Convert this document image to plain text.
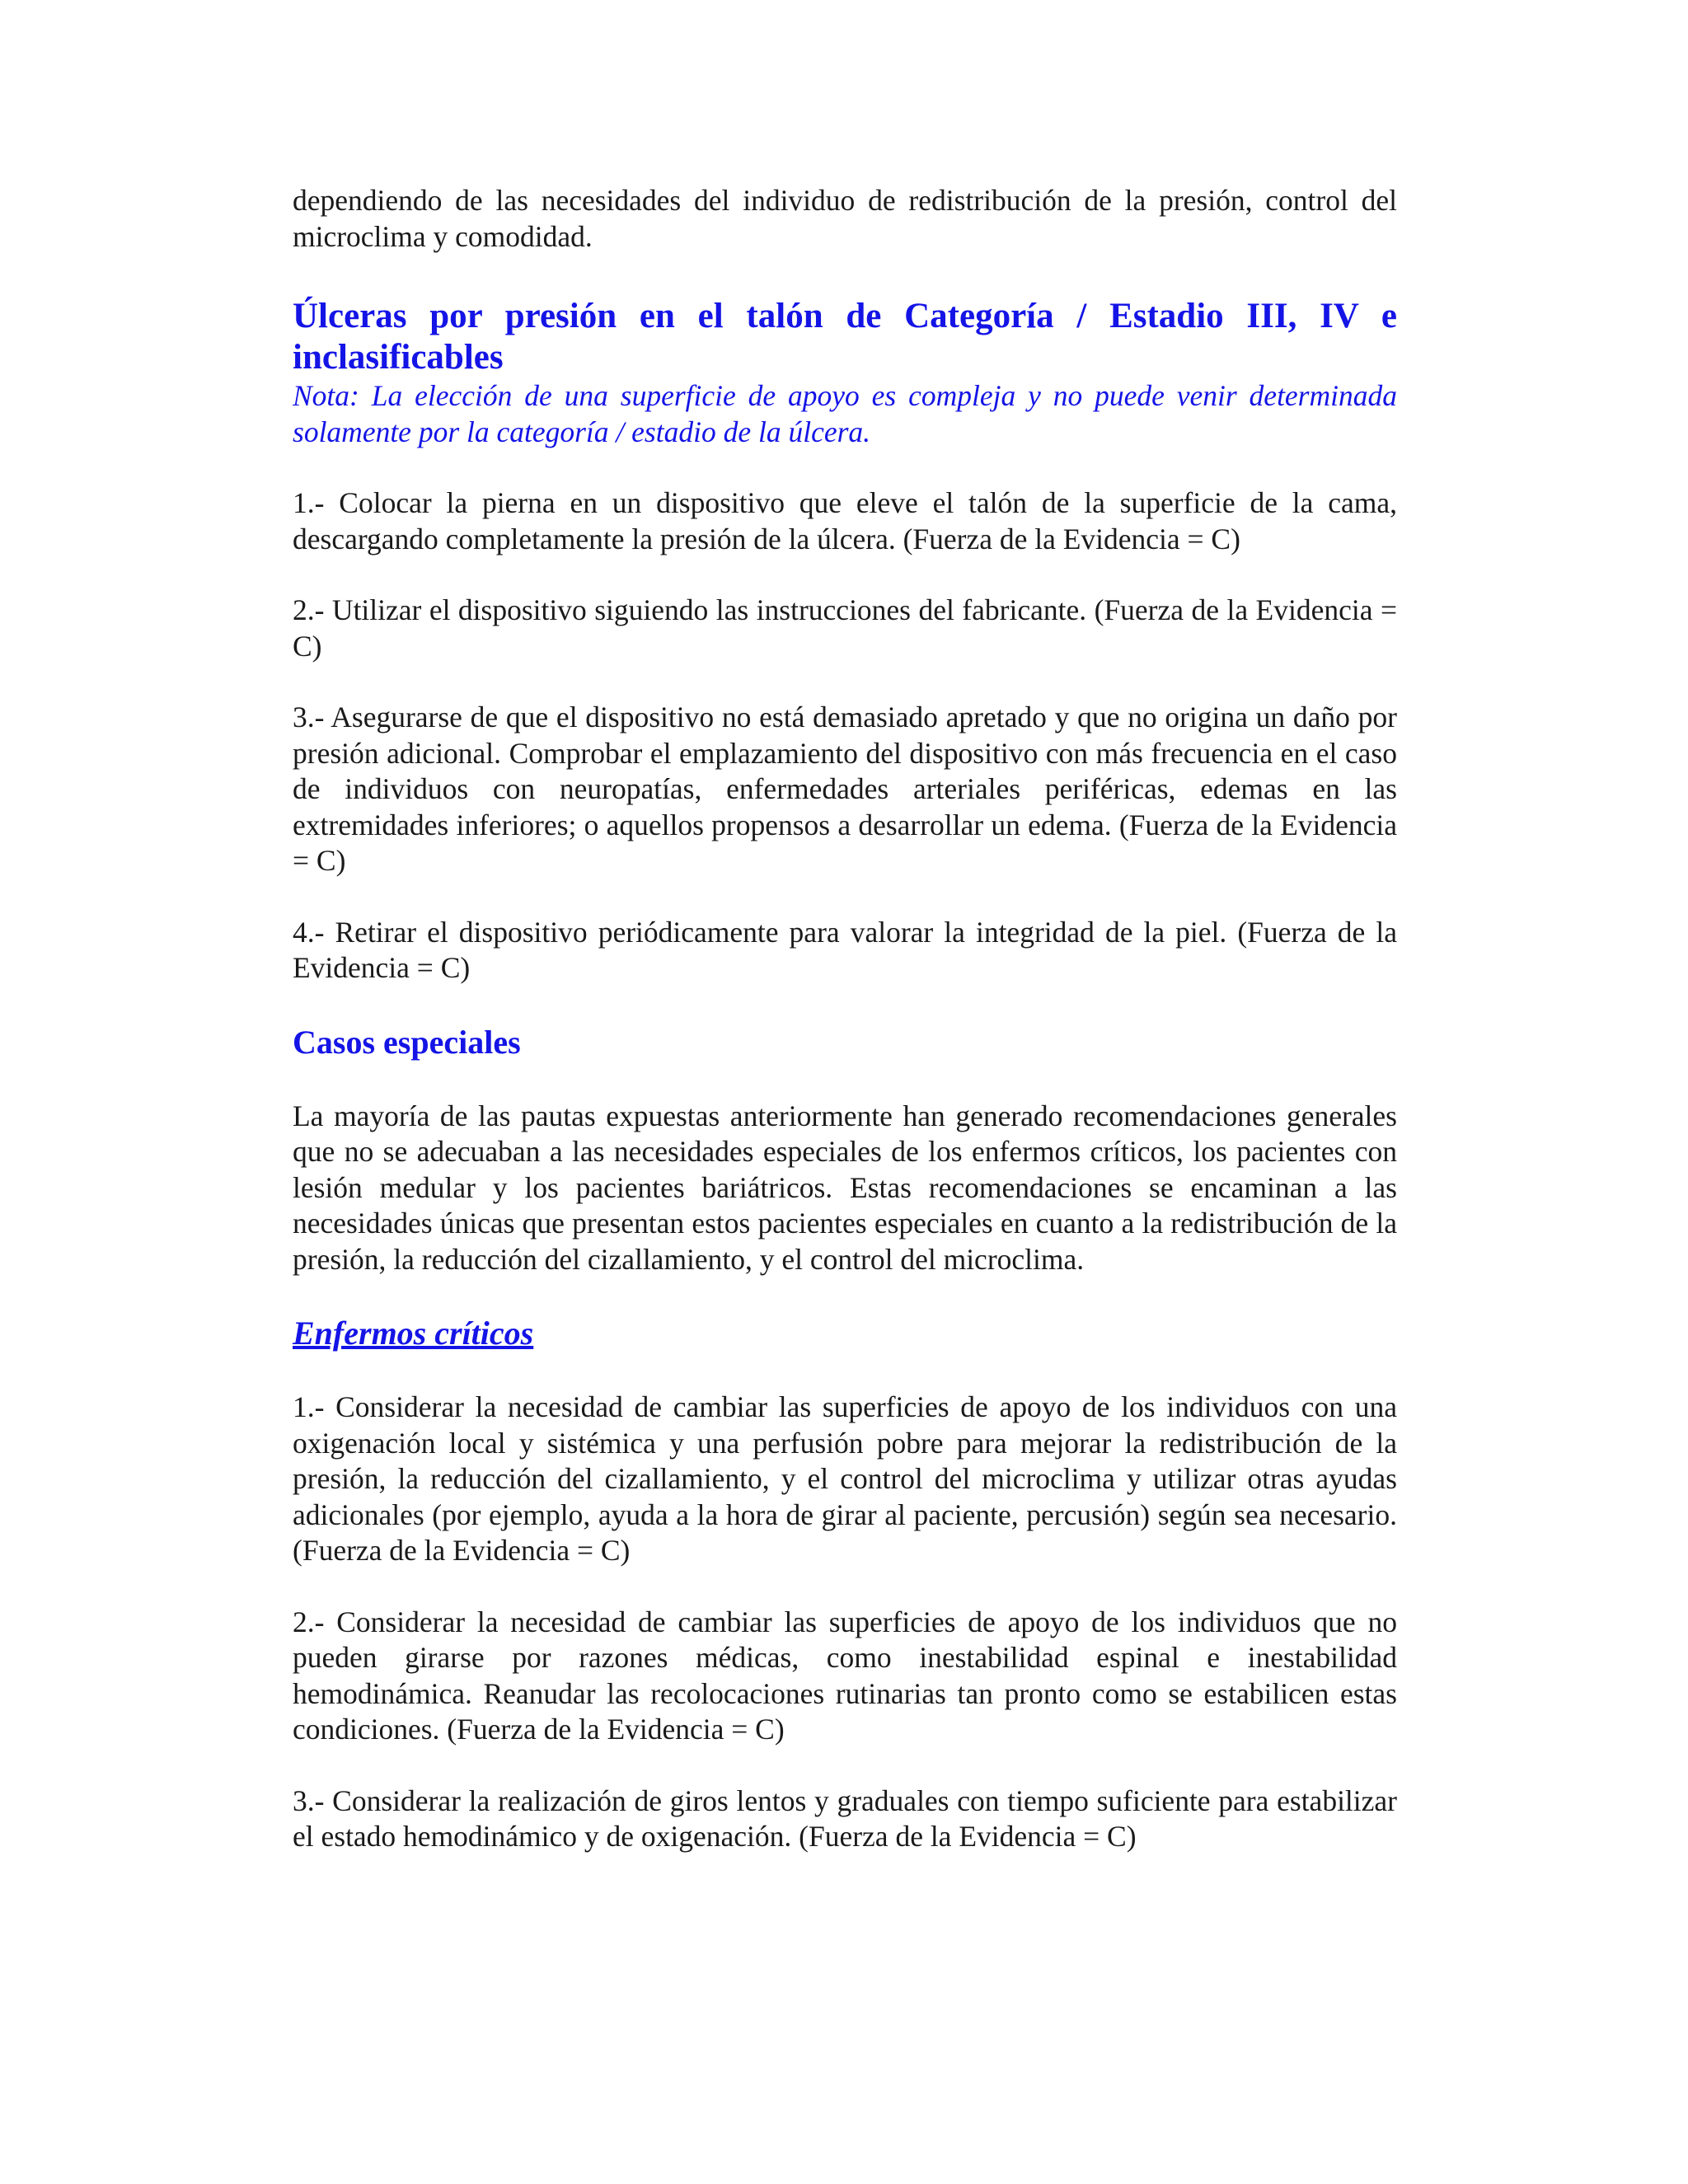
dependiendo de las necesidades del individuo de redistribución de la presión, control del microclima y comodidad.

Úlceras por presión en el talón de Categoría / Estadio III, IV e inclasificables

Nota: La elección de una superficie de apoyo es compleja y no puede venir determinada solamente por la categoría / estadio de la úlcera.

1.- Colocar la pierna en un dispositivo que eleve el talón de la superficie de la cama, descargando completamente la presión de la úlcera. (Fuerza de la Evidencia = C)

2.- Utilizar el dispositivo siguiendo las instrucciones del fabricante. (Fuerza de la Evidencia = C)

3.- Asegurarse de que el dispositivo no está demasiado apretado y que no origina un daño por presión adicional. Comprobar el emplazamiento del dispositivo con más frecuencia en el caso de individuos con neuropatías, enfermedades arteriales periféricas, edemas en las extremidades inferiores; o aquellos propensos a desarrollar un edema. (Fuerza de la Evidencia = C)

4.- Retirar el dispositivo periódicamente para valorar la integridad de la piel. (Fuerza de la Evidencia = C)

Casos especiales

La mayoría de las pautas expuestas anteriormente han generado recomendaciones generales que no se adecuaban a las necesidades especiales de los enfermos críticos, los pacientes con lesión medular y los pacientes bariátricos. Estas recomendaciones se encaminan a las necesidades únicas que presentan estos pacientes especiales en cuanto a la redistribución de la presión, la reducción del cizallamiento, y el control del microclima.

Enfermos críticos

1.- Considerar la necesidad de cambiar las superficies de apoyo de los individuos con una oxigenación local y sistémica y una perfusión pobre para mejorar la redistribución de la presión, la reducción del cizallamiento, y el control del microclima y utilizar otras ayudas adicionales (por ejemplo, ayuda a la hora de girar al paciente, percusión) según sea necesario. (Fuerza de la Evidencia = C)

2.- Considerar la necesidad de cambiar las superficies de apoyo de los individuos que no pueden girarse por razones médicas, como inestabilidad espinal e inestabilidad hemodinámica. Reanudar las recolocaciones rutinarias tan pronto como se estabilicen estas condiciones. (Fuerza de la Evidencia = C)

3.- Considerar la realización de giros lentos y graduales con tiempo suficiente para estabilizar el estado hemodinámico y de oxigenación. (Fuerza de la Evidencia = C)
